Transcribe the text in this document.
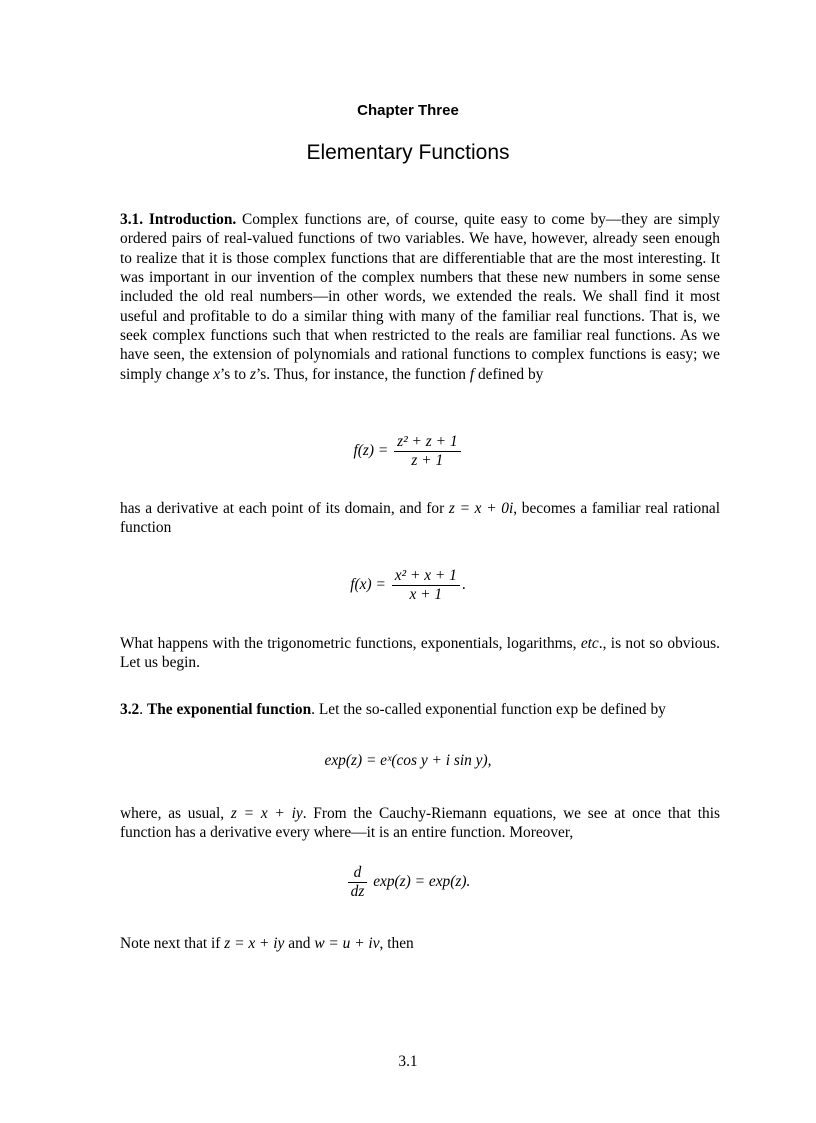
Chapter Three
Elementary Functions

3.1. Introduction. Complex functions are, of course, quite easy to come by—they are simply ordered pairs of real-valued functions of two variables. We have, however, already seen enough to realize that it is those complex functions that are differentiable that are the most interesting. It was important in our invention of the complex numbers that these new numbers in some sense included the old real numbers—in other words, we extended the reals. We shall find it most useful and profitable to do a similar thing with many of the familiar real functions. That is, we seek complex functions such that when restricted to the reals are familiar real functions. As we have seen, the extension of polynomials and rational functions to complex functions is easy; we simply change x’s to z’s. Thus, for instance, the function f defined by

$f(z) = \frac{\text{z² + z + 1}}{z + 1}$

has a derivative at each point of its domain, and for z = x + 0i, becomes a familiar real rational function

$f(x) = \frac{\text{x² + x + 1}}{x + 1}$ .

What happens with the trigonometric functions, exponentials, logarithms, etc., is not so obvious. Let us begin.

3.2. The exponential function. Let the so-called exponential function exp be defined by

exp(z) = eˣ(cos y + i sin y),

where, as usual, z = x + iy. From the Cauchy-Riemann equations, we see at once that this function has a derivative every where—it is an entire function. Moreover,

$\frac{d}{dz} \exp(z) = \exp(z)$.

Note next that if z = x + iy and w = u + iv, then

3.1
